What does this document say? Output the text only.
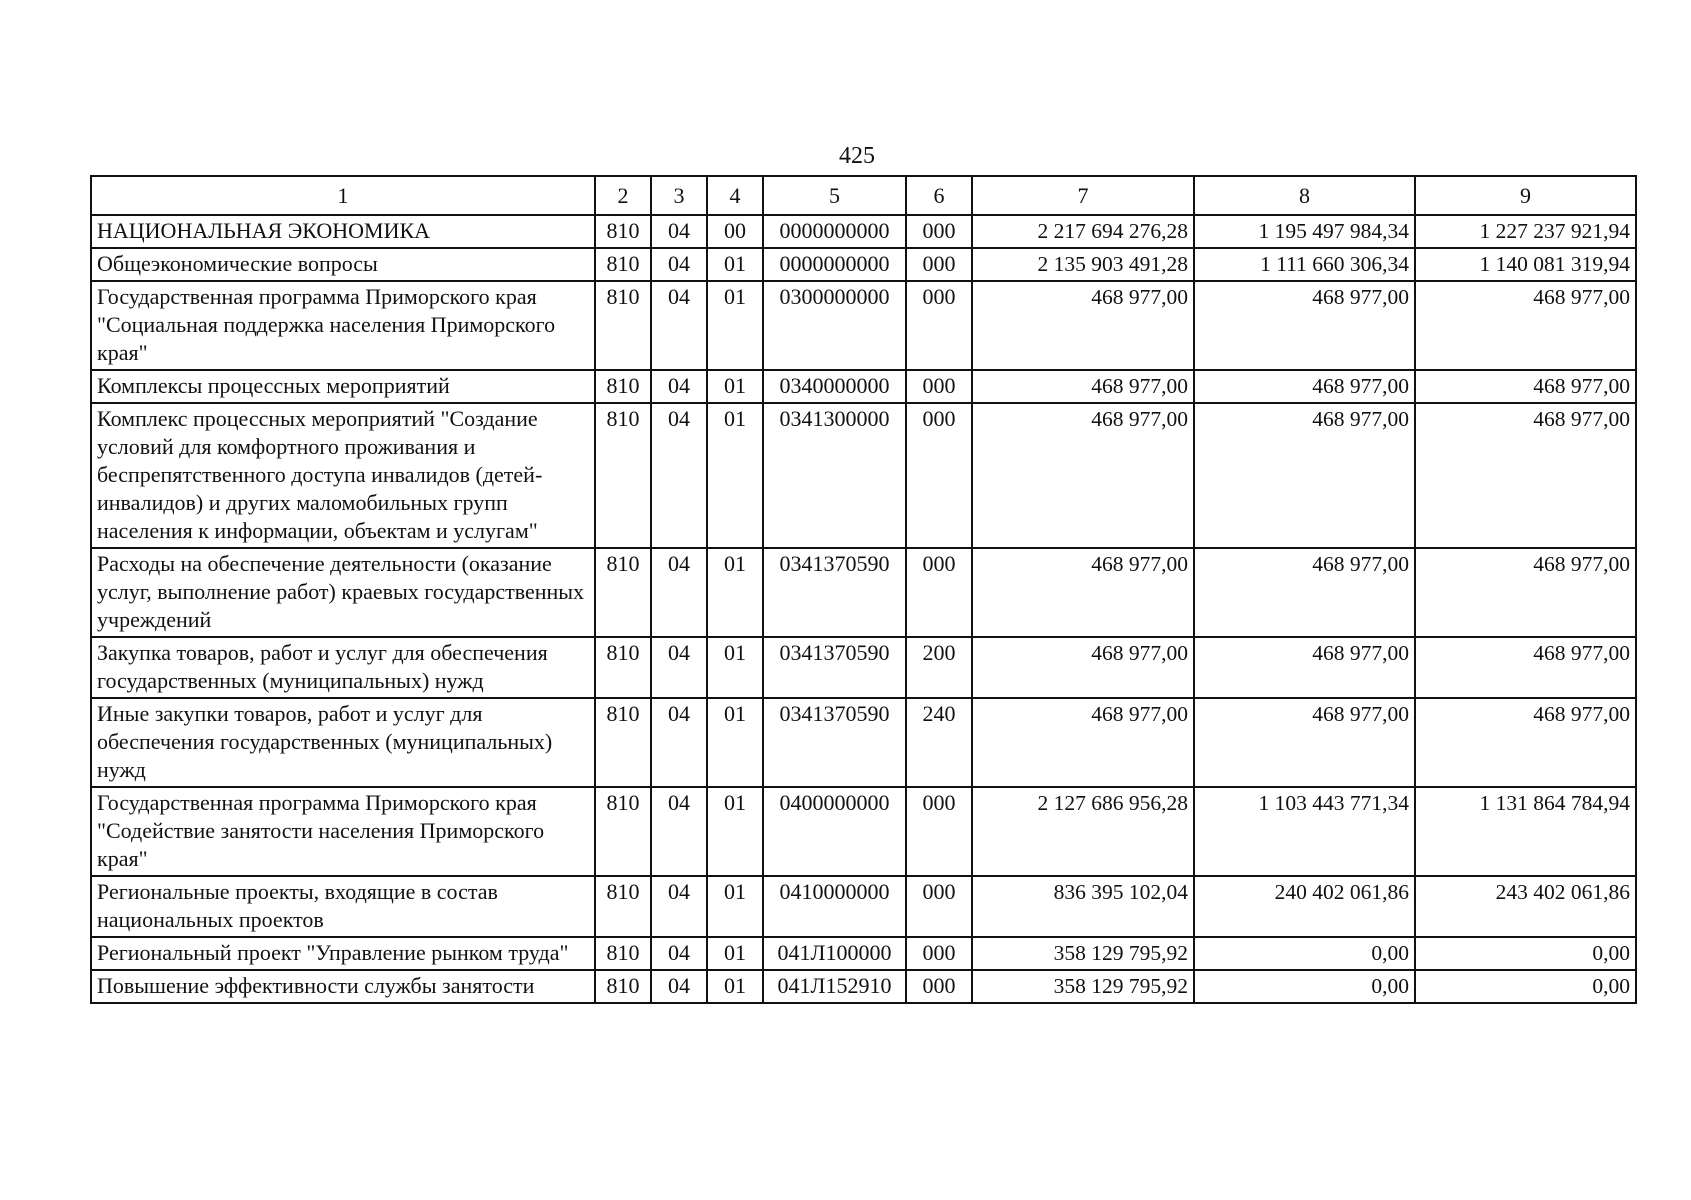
425
1	2	3	4	5	6	7	8	9
НАЦИОНАЛЬНАЯ ЭКОНОМИКА	810	04	00	0000000000	000	2 217 694 276,28	1 195 497 984,34	1 227 237 921,94
Общеэкономические вопросы	810	04	01	0000000000	000	2 135 903 491,28	1 111 660 306,34	1 140 081 319,94
Государственная программа Приморского края "Социальная поддержка населения Приморского края"	810	04	01	0300000000	000	468 977,00	468 977,00	468 977,00
Комплексы процессных мероприятий	810	04	01	0340000000	000	468 977,00	468 977,00	468 977,00
Комплекс процессных мероприятий "Создание условий для комфортного проживания и беспрепятственного доступа инвалидов (детей-инвалидов) и других маломобильных групп населения к информации, объектам и услугам"	810	04	01	0341300000	000	468 977,00	468 977,00	468 977,00
Расходы на обеспечение деятельности (оказание услуг, выполнение работ) краевых государственных учреждений	810	04	01	0341370590	000	468 977,00	468 977,00	468 977,00
Закупка товаров, работ и услуг для обеспечения государственных (муниципальных) нужд	810	04	01	0341370590	200	468 977,00	468 977,00	468 977,00
Иные закупки товаров, работ и услуг для обеспечения государственных (муниципальных) нужд	810	04	01	0341370590	240	468 977,00	468 977,00	468 977,00
Государственная программа Приморского края "Содействие занятости населения Приморского края"	810	04	01	0400000000	000	2 127 686 956,28	1 103 443 771,34	1 131 864 784,94
Региональные проекты, входящие в состав национальных проектов	810	04	01	0410000000	000	836 395 102,04	240 402 061,86	243 402 061,86
Региональный проект "Управление рынком труда"	810	04	01	041Л100000	000	358 129 795,92	0,00	0,00
Повышение эффективности службы занятости	810	04	01	041Л152910	000	358 129 795,92	0,00	0,00
